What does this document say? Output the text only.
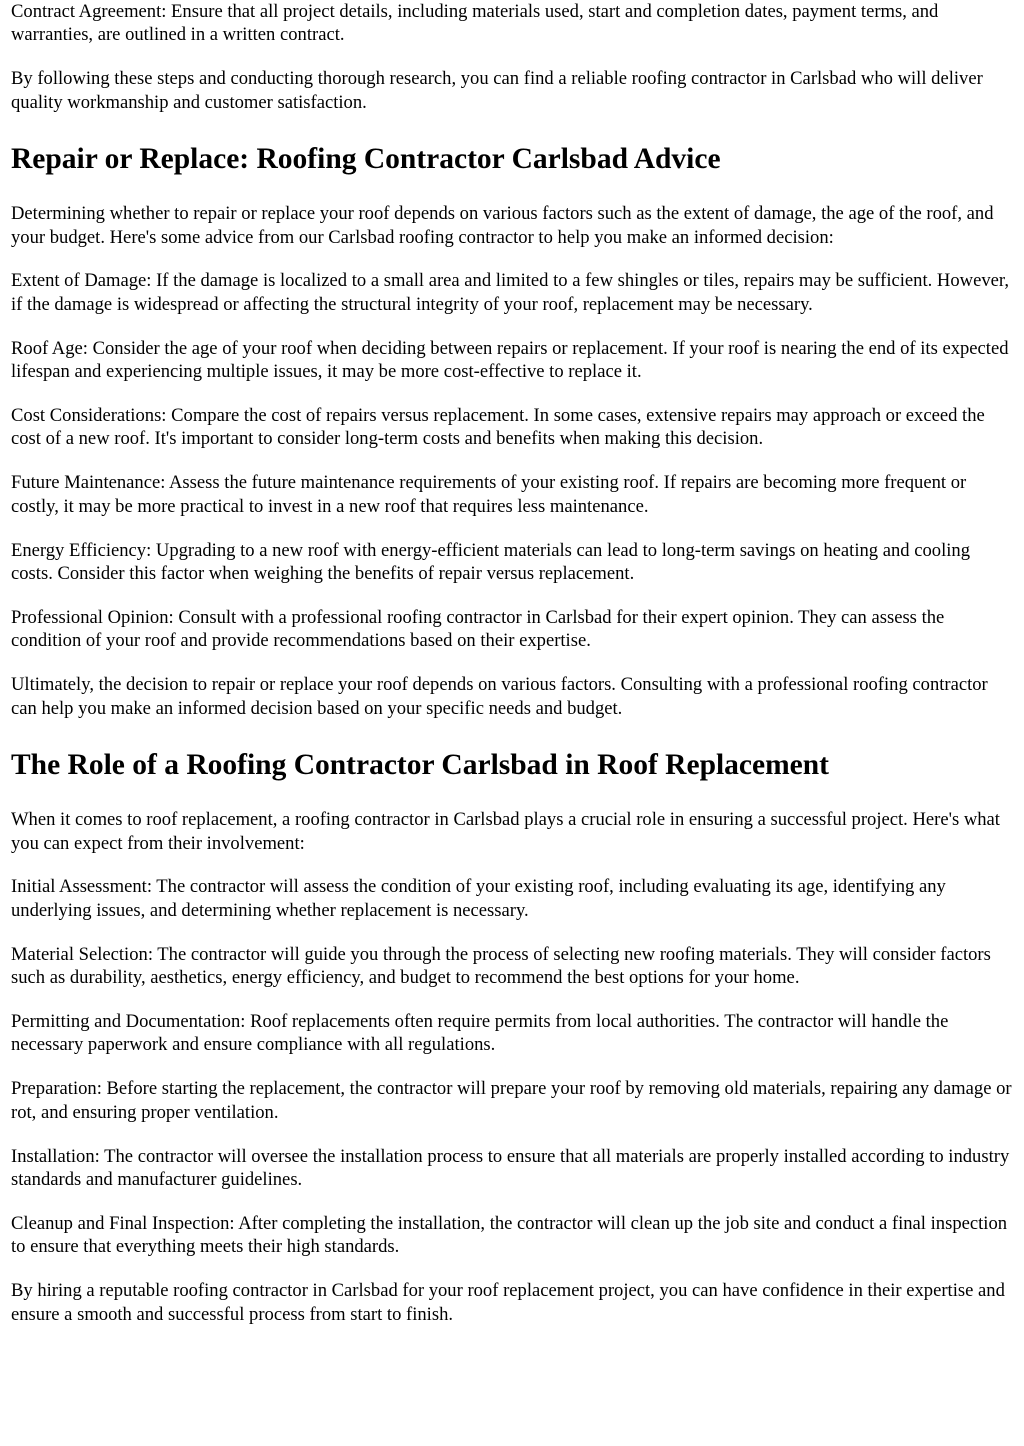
Contract Agreement: Ensure that all project details, including materials used, start and completion dates, payment terms, and warranties, are outlined in a written contract.

By following these steps and conducting thorough research, you can find a reliable roofing contractor in Carlsbad who will deliver quality workmanship and customer satisfaction.

Repair or Replace: Roofing Contractor Carlsbad Advice

Determining whether to repair or replace your roof depends on various factors such as the extent of damage, the age of the roof, and your budget. Here's some advice from our Carlsbad roofing contractor to help you make an informed decision:

Extent of Damage: If the damage is localized to a small area and limited to a few shingles or tiles, repairs may be sufficient. However, if the damage is widespread or affecting the structural integrity of your roof, replacement may be necessary.

Roof Age: Consider the age of your roof when deciding between repairs or replacement. If your roof is nearing the end of its expected lifespan and experiencing multiple issues, it may be more cost-effective to replace it.

Cost Considerations: Compare the cost of repairs versus replacement. In some cases, extensive repairs may approach or exceed the cost of a new roof. It's important to consider long-term costs and benefits when making this decision.

Future Maintenance: Assess the future maintenance requirements of your existing roof. If repairs are becoming more frequent or costly, it may be more practical to invest in a new roof that requires less maintenance.

Energy Efficiency: Upgrading to a new roof with energy-efficient materials can lead to long-term savings on heating and cooling costs. Consider this factor when weighing the benefits of repair versus replacement.

Professional Opinion: Consult with a professional roofing contractor in Carlsbad for their expert opinion. They can assess the condition of your roof and provide recommendations based on their expertise.

Ultimately, the decision to repair or replace your roof depends on various factors. Consulting with a professional roofing contractor can help you make an informed decision based on your specific needs and budget.

The Role of a Roofing Contractor Carlsbad in Roof Replacement

When it comes to roof replacement, a roofing contractor in Carlsbad plays a crucial role in ensuring a successful project. Here's what you can expect from their involvement:

Initial Assessment: The contractor will assess the condition of your existing roof, including evaluating its age, identifying any underlying issues, and determining whether replacement is necessary.

Material Selection: The contractor will guide you through the process of selecting new roofing materials. They will consider factors such as durability, aesthetics, energy efficiency, and budget to recommend the best options for your home.

Permitting and Documentation: Roof replacements often require permits from local authorities. The contractor will handle the necessary paperwork and ensure compliance with all regulations.

Preparation: Before starting the replacement, the contractor will prepare your roof by removing old materials, repairing any damage or rot, and ensuring proper ventilation.

Installation: The contractor will oversee the installation process to ensure that all materials are properly installed according to industry standards and manufacturer guidelines.

Cleanup and Final Inspection: After completing the installation, the contractor will clean up the job site and conduct a final inspection to ensure that everything meets their high standards.

By hiring a reputable roofing contractor in Carlsbad for your roof replacement project, you can have confidence in their expertise and ensure a smooth and successful process from start to finish.
